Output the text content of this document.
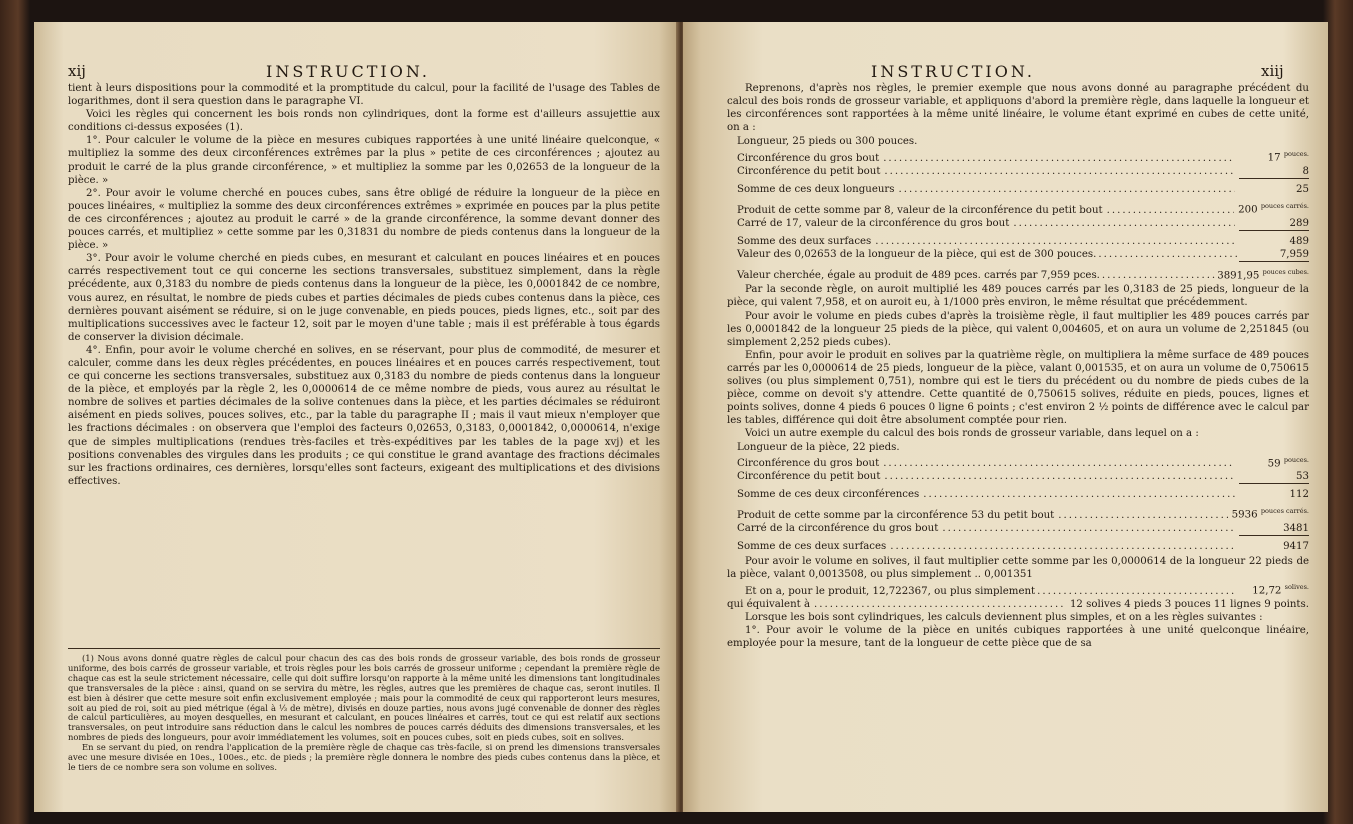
xij	INSTRUCTION.

tient à leurs dispositions pour la commodité et la promptitude du calcul, pour la facilité de l'usage des Tables de logarithmes, dont il sera question dans le paragraphe VI.

Voici les règles qui concernent les bois ronds non cylindriques, dont la forme est d'ailleurs assujettie aux conditions ci-dessus exposées (1).

1°. Pour calculer le volume de la pièce en mesures cubiques rapportées à une unité linéaire quelconque, « multipliez la somme des deux circonférences extrêmes par la plus » petite de ces circonférences ; ajoutez au produit le carré de la plus grande circonférence, » et multipliez la somme par les 0,02653 de la longueur de la pièce. »

2°. Pour avoir le volume cherché en pouces cubes, sans être obligé de réduire la longueur de la pièce en pouces linéaires, « multipliez la somme des deux circonférences extrêmes » exprimée en pouces par la plus petite de ces circonférences ; ajoutez au produit le carré » de la grande circonférence, la somme devant donner des pouces carrés, et multipliez » cette somme par les 0,31831 du nombre de pieds contenus dans la longueur de la pièce. »

3°. Pour avoir le volume cherché en pieds cubes, en mesurant et calculant en pouces linéaires et en pouces carrés respectivement tout ce qui concerne les sections transversales, substituez simplement, dans la règle précédente, aux 0,3183 du nombre de pieds contenus dans la longueur de la pièce, les 0,0001842 de ce nombre, vous aurez, en résultat, le nombre de pieds cubes et parties décimales de pieds cubes contenus dans la pièce, ces dernières pouvant aisément se réduire, si on le juge convenable, en pieds pouces, pieds lignes, etc., soit par des multiplications successives avec le facteur 12, soit par le moyen d'une table ; mais il est préférable à tous égards de conserver la division décimale.

4°. Enfin, pour avoir le volume cherché en solives, en se réservant, pour plus de commodité, de mesurer et calculer, comme dans les deux règles précédentes, en pouces linéaires et en pouces carrés respectivement, tout ce qui concerne les sections transversales, substituez aux 0,3183 du nombre de pieds contenus dans la longueur de la pièce, et employés par la règle 2, les 0,0000614 de ce même nombre de pieds, vous aurez au résultat le nombre de solives et parties décimales de la solive contenues dans la pièce, et les parties décimales se réduiront aisément en pieds solives, pouces solives, etc., par la table du paragraphe II ; mais il vaut mieux n'employer que les fractions décimales : on observera que l'emploi des facteurs 0,02653, 0,3183, 0,0001842, 0,0000614, n'exige que de simples multiplications (rendues très-faciles et très-expéditives par les tables de la page xvj) et les positions convenables des virgules dans les produits ; ce qui constitue le grand avantage des fractions décimales sur les fractions ordinaires, ces dernières, lorsqu'elles sont facteurs, exigeant des multiplications et des divisions effectives.

(1) Nous avons donné quatre règles de calcul pour chacun des cas des bois ronds de grosseur variable, des bois ronds de grosseur uniforme, des bois carrés de grosseur variable, et trois règles pour les bois carrés de grosseur uniforme ; cependant la première règle de chaque cas est la seule strictement nécessaire, celle qui doit suffire lorsqu'on rapporte à la même unité les dimensions tant longitudinales que transversales de la pièce : ainsi, quand on se servira du mètre, les règles, autres que les premières de chaque cas, seront inutiles. Il est bien à désirer que cette mesure soit enfin exclusivement employée ; mais pour la commodité de ceux qui rapporteront leurs mesures, soit au pied de roi, soit au pied métrique (égal à ⅓ de mètre), divisés en douze parties, nous avons jugé convenable de donner des règles de calcul particulières, au moyen desquelles, en mesurant et calculant, en pouces linéaires et carrés, tout ce qui est relatif aux sections transversales, on peut introduire sans réduction dans le calcul les nombres de pouces carrés déduits des dimensions transversales, et les nombres de pieds des longueurs, pour avoir immédiatement les volumes, soit en pouces cubes, soit en pieds cubes, soit en solives.

En se servant du pied, on rendra l'application de la première règle de chaque cas très-facile, si on prend les dimensions transversales avec une mesure divisée en 10es., 100es., etc. de pieds ; la première règle donnera le nombre des pieds cubes contenus dans la pièce, et le tiers de ce nombre sera son volume en solives.

INSTRUCTION.	xiij

Reprenons, d'après nos règles, le premier exemple que nous avons donné au paragraphe précédent du calcul des bois ronds de grosseur variable, et appliquons d'abord la première règle, dans laquelle la longueur et les circonférences sont rapportées à la même unité linéaire, le volume étant exprimé en cubes de cette unité, on a :

Longueur, 25 pieds ou 300 pouces.
Circonférence du gros bout .....	17 $^{pouces.}$
Circonférence du petit bout .....	8
Somme de ces deux longueurs .....	25
Produit de cette somme par 8, valeur de la circonférence du petit bout .....	200 $^{pouces carrés.}$
Carré de 17, valeur de la circonférence du gros bout .....	289
Somme des deux surfaces .....	489
Valeur des 0,02653 de la longueur de la pièce, qui est de 300 pouces. .....	7,959
Valeur cherchée, égale au produit de 489 pces. carrés par 7,959 pces. .....	3891,95 $^{pouces cubes.}$

Par la seconde règle, on auroit multiplié les 489 pouces carrés par les 0,3183 de 25 pieds, longueur de la pièce, qui valent 7,958, et on auroit eu, à 1/1000 près environ, le même résultat que précédemment.

Pour avoir le volume en pieds cubes d'après la troisième règle, il faut multiplier les 489 pouces carrés par les 0,0001842 de la longueur 25 pieds de la pièce, qui valent 0,004605, et on aura un volume de 2,251845 (ou simplement 2,252 pieds cubes).

Enfin, pour avoir le produit en solives par la quatrième règle, on multipliera la même surface de 489 pouces carrés par les 0,0000614 de 25 pieds, longueur de la pièce, valant 0,001535, et on aura un volume de 0,750615 solives (ou plus simplement 0,751), nombre qui est le tiers du précédent ou du nombre de pieds cubes de la pièce, comme on devoit s'y attendre. Cette quantité de 0,750615 solives, réduite en pieds, pouces, lignes et points solives, donne 4 pieds 6 pouces 0 ligne 6 points ; c'est environ 2 ½ points de différence avec le calcul par les tables, différence qui doit être absolument comptée pour rien.

Voici un autre exemple du calcul des bois ronds de grosseur variable, dans lequel on a :

Longueur de la pièce, 22 pieds.
Circonférence du gros bout .....	59 $^{pouces.}$
Circonférence du petit bout .....	53
Somme de ces deux circonférences .....	112
Produit de cette somme par la circonférence 53 du petit bout .....	5936 $^{pouces carrés.}$
Carré de la circonférence du gros bout .....	3481
Somme de ces deux surfaces .....	9417

Pour avoir le volume en solives, il faut multiplier cette somme par les 0,0000614 de la longueur 22 pieds de la pièce, valant 0,0013508, ou plus simplement .. 0,001351

Et on a, pour le produit, 12,722367, ou plus simplement .....	12,72 $^{solives.}$
qui équivalent à .....	12 solives 4 pieds 3 pouces 11 lignes 9 points.

Lorsque les bois sont cylindriques, les calculs deviennent plus simples, et on a les règles suivantes :

1°. Pour avoir le volume de la pièce en unités cubiques rapportées à une unité quelconque linéaire, employée pour la mesure, tant de la longueur de cette pièce que de sa
